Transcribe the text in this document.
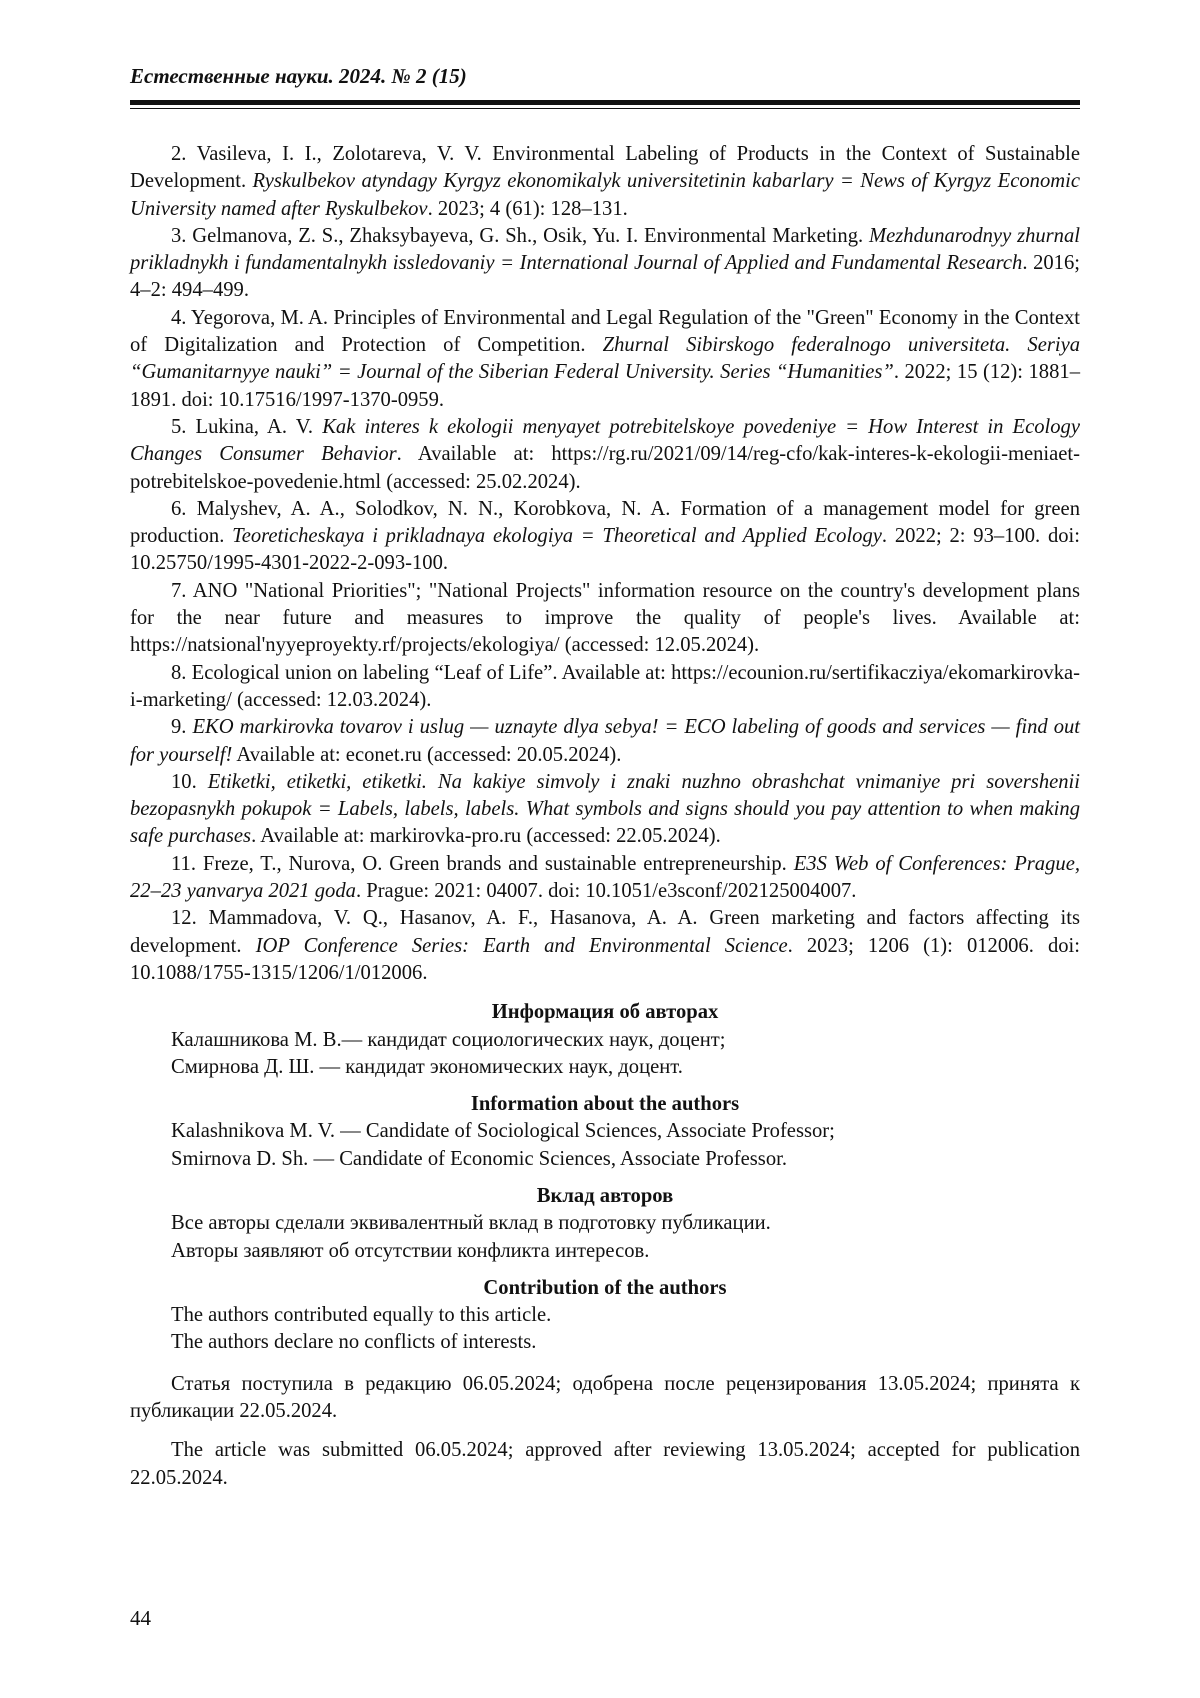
Естественные науки. 2024. № 2 (15)

2. Vasileva, I. I., Zolotareva, V. V. Environmental Labeling of Products in the Context of Sustainable Development. Ryskulbekov atyndagy Kyrgyz ekonomikalyk universitetinin kabarlary = News of Kyrgyz Economic University named after Ryskulbekov. 2023; 4 (61): 128–131.

3. Gelmanova, Z. S., Zhaksybayeva, G. Sh., Osik, Yu. I. Environmental Marketing. Mezhdunarodnyy zhurnal prikladnykh i fundamentalnykh issledovaniy = International Journal of Applied and Fundamental Research. 2016; 4–2: 494–499.

4. Yegorova, M. A. Principles of Environmental and Legal Regulation of the "Green" Economy in the Context of Digitalization and Protection of Competition. Zhurnal Sibirskogo federalnogo universiteta. Seriya “Gumanitarnyye nauki” = Journal of the Siberian Federal University. Series “Humanities”. 2022; 15 (12): 1881–1891. doi: 10.17516/1997-1370-0959.

5. Lukina, A. V. Kak interes k ekologii menyayet potrebitelskoye povedeniye = How Interest in Ecology Changes Consumer Behavior. Available at: https://rg.ru/2021/09/14/reg-cfo/kak-interes-k-ekologii-meniaet-potrebitelskoe-povedenie.html (accessed: 25.02.2024).

6. Malyshev, A. A., Solodkov, N. N., Korobkova, N. A. Formation of a management model for green production. Teoreticheskaya i prikladnaya ekologiya = Theoretical and Applied Ecology. 2022; 2: 93–100. doi: 10.25750/1995-4301-2022-2-093-100.

7. ANO "National Priorities"; "National Projects" information resource on the country's development plans for the near future and measures to improve the quality of people's lives. Available at: https://natsional'nyyeproyekty.rf/projects/ekologiya/ (accessed: 12.05.2024).

8. Ecological union on labeling “Leaf of Life”. Available at: https://ecounion.ru/sertifikacziya/ekomarkirovka-i-marketing/ (accessed: 12.03.2024).

9. EKO markirovka tovarov i uslug — uznayte dlya sebya! = ECO labeling of goods and services — find out for yourself! Available at: econet.ru (accessed: 20.05.2024).

10. Etiketki, etiketki, etiketki. Na kakiye simvoly i znaki nuzhno obrashchat vnimaniye pri sovershenii bezopasnykh pokupok = Labels, labels, labels. What symbols and signs should you pay attention to when making safe purchases. Available at: markirovka-pro.ru (accessed: 22.05.2024).

11. Freze, T., Nurova, O. Green brands and sustainable entrepreneurship. E3S Web of Conferences: Prague, 22–23 yanvarya 2021 goda. Prague: 2021: 04007. doi: 10.1051/e3sconf/202125004007.

12. Mammadova, V. Q., Hasanov, A. F., Hasanova, A. A. Green marketing and factors affecting its development. IOP Conference Series: Earth and Environmental Science. 2023; 1206 (1): 012006. doi: 10.1088/1755-1315/1206/1/012006.

Информация об авторах

Калашникова М. В.— кандидат социологических наук, доцент;

Смирнова Д. Ш. — кандидат экономических наук, доцент.

Information about the authors

Kalashnikova M. V. — Candidate of Sociological Sciences, Associate Professor;

Smirnova D. Sh. — Candidate of Economic Sciences, Associate Professor.

Вклад авторов

Все авторы сделали эквивалентный вклад в подготовку публикации.

Авторы заявляют об отсутствии конфликта интересов.

Contribution of the authors

The authors contributed equally to this article.

The authors declare no conflicts of interests.

Статья поступила в редакцию 06.05.2024; одобрена после рецензирования 13.05.2024; принята к публикации 22.05.2024.

The article was submitted 06.05.2024; approved after reviewing 13.05.2024; accepted for publication 22.05.2024.

44
